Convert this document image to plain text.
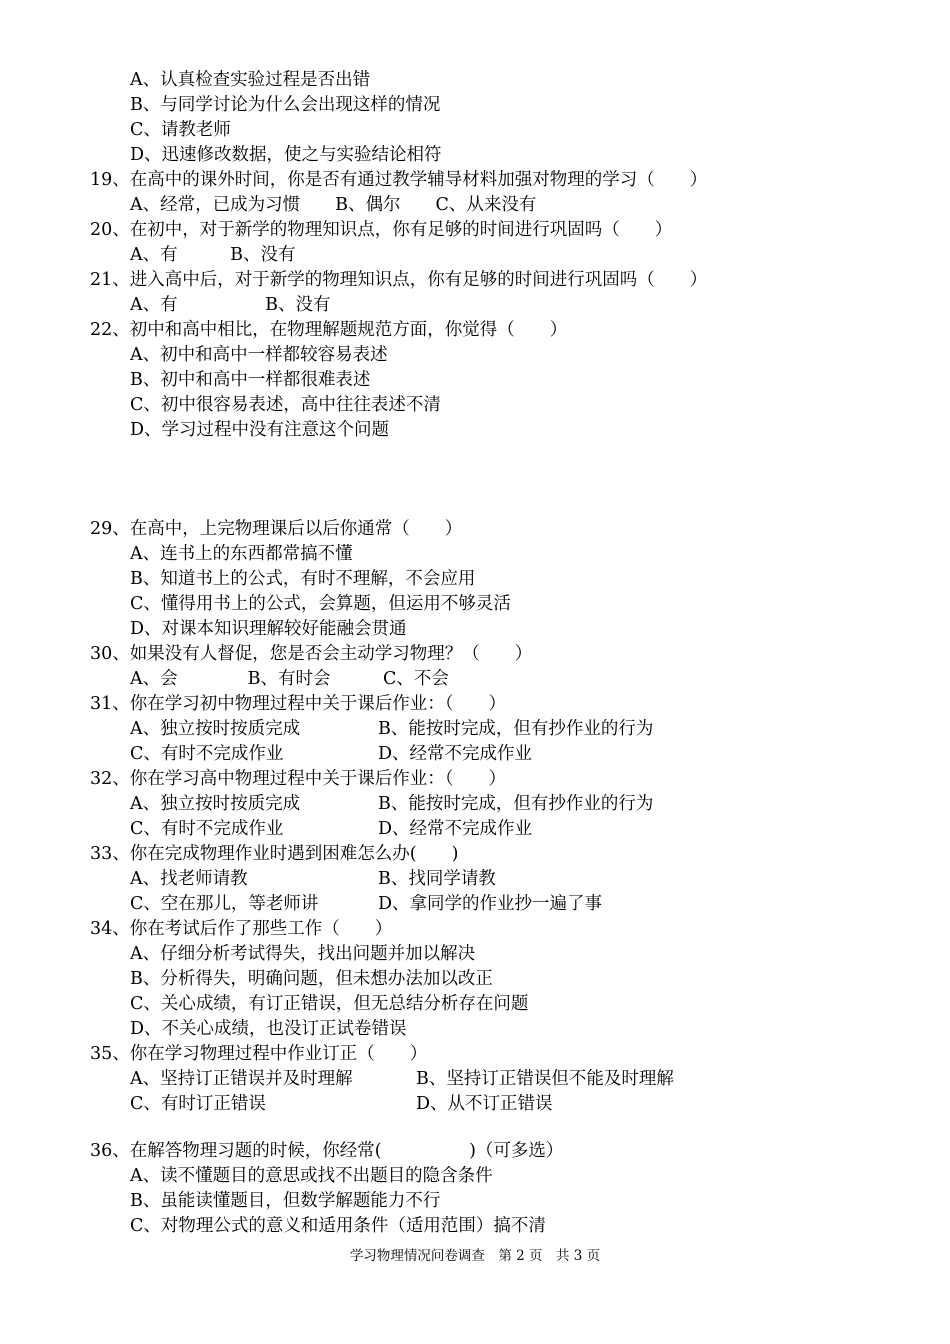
A、认真检查实验过程是否出错
B、与同学讨论为什么会出现这样的情况
C、请教老师
D、迅速修改数据，使之与实验结论相符
19、在高中的课外时间，你是否有通过教学辅导材料加强对物理的学习（　　）
A、经常，已成为习惯　　B、偶尔　　C、从来没有
20、在初中，对于新学的物理知识点，你有足够的时间进行巩固吗（　　）
A、有　　　B、没有
21、进入高中后，对于新学的物理知识点，你有足够的时间进行巩固吗（　　）
A、有　　　　　B、没有
22、初中和高中相比，在物理解题规范方面，你觉得（　　）
A、初中和高中一样都较容易表述
B、初中和高中一样都很难表述
C、初中很容易表述，高中往往表述不清
D、学习过程中没有注意这个问题
29、在高中，上完物理课后以后你通常（　　）
A、连书上的东西都常搞不懂
B、知道书上的公式，有时不理解，不会应用
C、懂得用书上的公式，会算题，但运用不够灵活
D、对课本知识理解较好能融会贯通
30、如果没有人督促，您是否会主动学习物理？（　　）
A、会　　　　B、有时会　　　C、不会
31、你在学习初中物理过程中关于课后作业：（　　）
A、独立按时按质完成	B、能按时完成，但有抄作业的行为
C、有时不完成作业	D、经常不完成作业
32、你在学习高中物理过程中关于课后作业：（　　）
A、独立按时按质完成	B、能按时完成，但有抄作业的行为
C、有时不完成作业	D、经常不完成作业
33、你在完成物理作业时遇到困难怎么办(　　)
A、找老师请教	B、找同学请教
C、空在那儿，等老师讲	D、拿同学的作业抄一遍了事
34、你在考试后作了那些工作（　　）
A、仔细分析考试得失，找出问题并加以解决
B、分析得失，明确问题，但未想办法加以改正
C、关心成绩，有订正错误，但无总结分析存在问题
D、不关心成绩，也没订正试卷错误
35、你在学习物理过程中作业订正（　　）
A、坚持订正错误并及时理解	B、坚持订正错误但不能及时理解
C、有时订正错误	D、从不订正错误
36、在解答物理习题的时候，你经常(　　　　　)（可多选）
A、读不懂题目的意思或找不出题目的隐含条件
B、虽能读懂题目，但数学解题能力不行
C、对物理公式的意义和适用条件（适用范围）搞不清
学习物理情况问卷调查　第 2 页　共 3 页
